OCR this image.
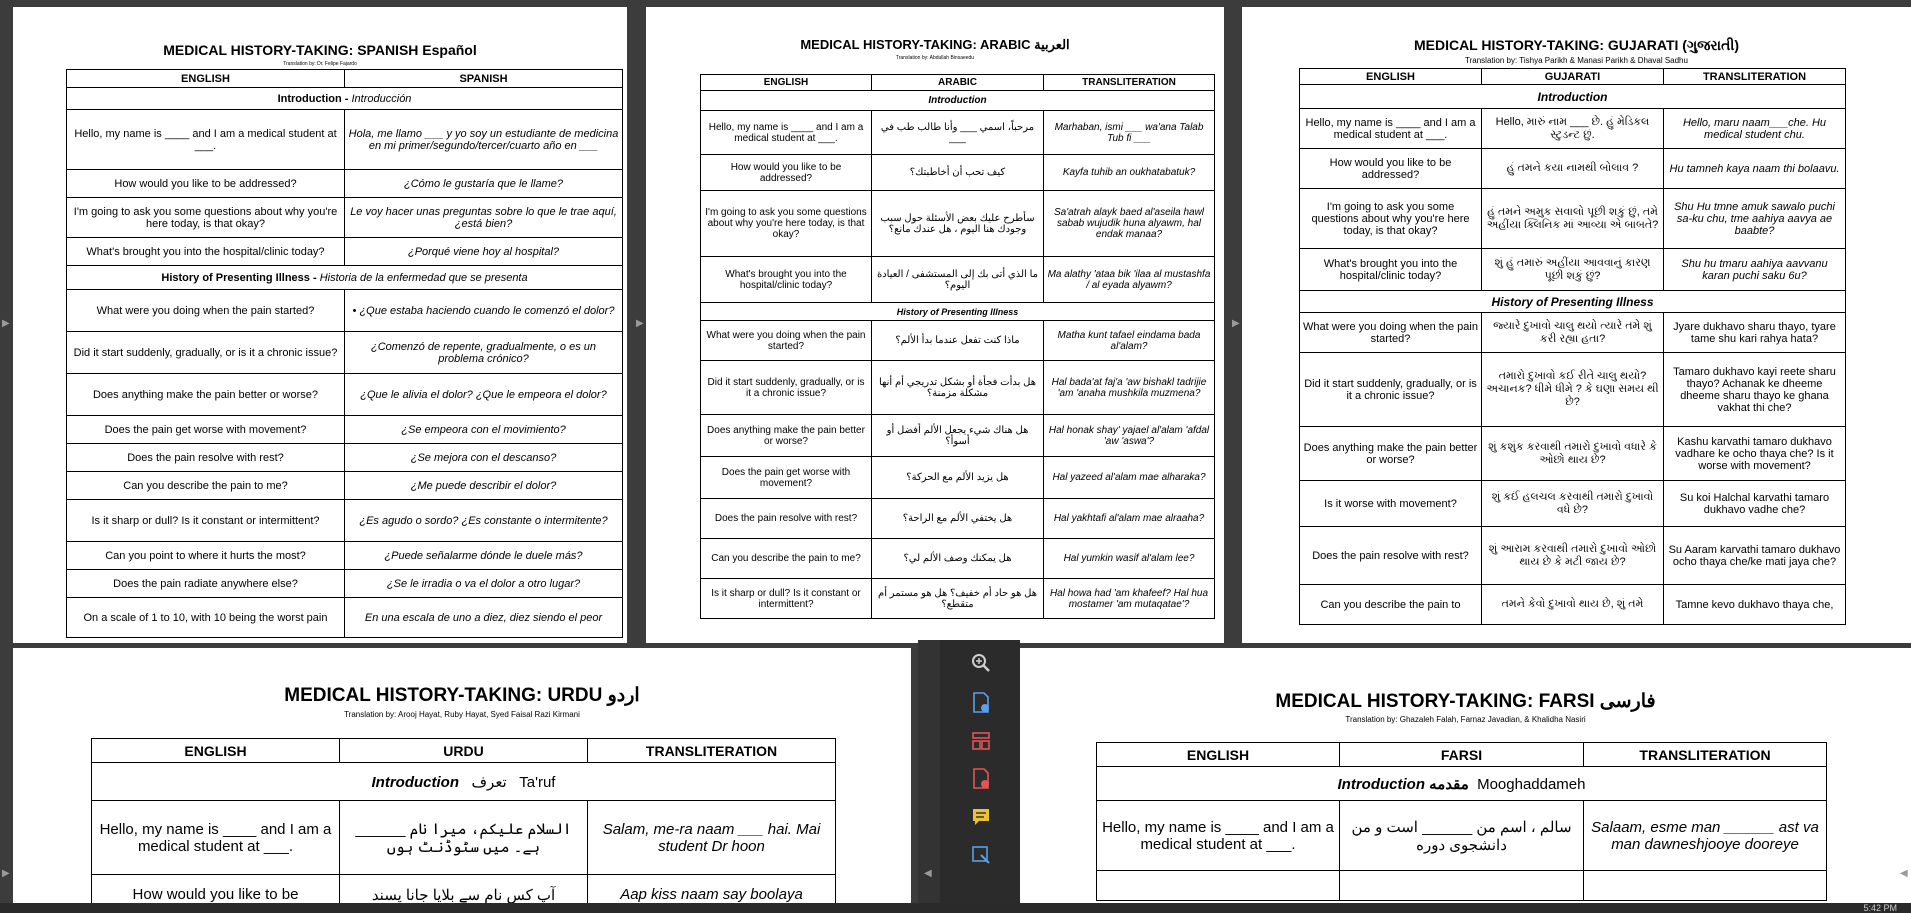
MEDICAL HISTORY-TAKING: SPANISH Español
Translation by: Dr. Felipe Fajardo
ENGLISH	SPANISH
Introduction - Introducción	
Hello, my name is ____ and I am a medical student at ___.	Hola, me llamo ___ y yo soy un estudiante de medicina en mi primer/segundo/tercer/cuarto año en ___
How would you like to be addressed?	¿Cómo le gustaría que le llame?
I'm going to ask you some questions about why you're here today, is that okay?	Le voy hacer unas preguntas sobre lo que le trae aquí, ¿está bien?
What's brought you into the hospital/clinic today?	¿Porqué viene hoy al hospital?
History of Presenting Illness - Historia de la enfermedad que se presenta	
What were you doing when the pain started?	• ¿Que estaba haciendo cuando le comenzó el dolor?
Did it start suddenly, gradually, or is it a chronic issue?	¿Comenzó de repente, gradualmente, o es un problema crónico?
Does anything make the pain better or worse?	¿Que le alivia el dolor? ¿Que le empeora el dolor?
Does the pain get worse with movement?	¿Se empeora con el movimiento?
Does the pain resolve with rest?	¿Se mejora con el descanso?
Can you describe the pain to me?	¿Me puede describir el dolor?
Is it sharp or dull? Is it constant or intermittent?	¿Es agudo o sordo? ¿Es constante o intermitente?
Can you point to where it hurts the most?	¿Puede señalarme dónde le duele más?
Does the pain radiate anywhere else?	¿Se le irradia o va el dolor a otro lugar?
On a scale of 1 to 10, with 10 being the worst pain	En una escala de uno a diez, diez siendo el peor
MEDICAL HISTORY-TAKING: ARABIC العربية
Translation by: Abdullah Binsaeedu
ENGLISH	ARABIC	TRANSLITERATION
Introduction		
Hello, my name is ____ and I am a medical student at ___.	مرحباً، اسمي ___ وأنا طالب طب في ___	Marhaban, ismi ___ wa'ana Talab Tub fi ___
How would you like to be addressed?	كيف تحب أن أخاطبتك؟	Kayfa tuhib an oukhatabatuk?
I'm going to ask you some questions about why you're here today, is that okay?	سأطرح عليك بعض الأسئلة حول سبب وجودك هنا اليوم ، هل عندك مانع؟	Sa'atrah alayk baed al'aseila hawl sabab wujudik huna alyawm, hal endak manaa?
What's brought you into the hospital/clinic today?	ما الذي أتى بك إلى المستشفى / العيادة اليوم؟	Ma alathy 'ataa bik 'ilaa al mustashfa / al eyada alyawm?
History of Presenting Illness		
What were you doing when the pain started?	ماذا كنت تفعل عندما بدأ الألم؟	Matha kunt tafael eindama bada al'alam?
Did it start suddenly, gradually, or is it a chronic issue?	هل بدأت فجأة أو بشكل تدريجي أم أنها مشكلة مزمنة؟	Hal bada'at faj'a 'aw bishakl tadrijie 'am 'anaha mushkila muzmena?
Does anything make the pain better or worse?	هل هناك شيء يجعل الألم أفضل أو أسوأ؟	Hal honak shay' yajael al'alam 'afdal 'aw 'aswa'?
Does the pain get worse with movement?	هل يزيد الألم مع الحركة؟	Hal yazeed al'alam mae alharaka?
Does the pain resolve with rest?	هل يختفي الألم مع الراحة؟	Hal yakhtafi al'alam mae alraaha?
Can you describe the pain to me?	هل يمكنك وصف الألم لي؟	Hal yumkin wasif al'alam lee?
Is it sharp or dull? Is it constant or intermittent?	هل هو حاد أم خفيف؟ هل هو مستمر أم متقطع؟	Hal howa had 'am khafeef? Hal hua mostamer 'am mutaqatae'?
MEDICAL HISTORY-TAKING: GUJARATI (ગુજરાતી)
Translation by: Tishya Parikh & Manasi Parikh & Dhaval Sadhu
ENGLISH	GUJARATI	TRANSLITERATION
Introduction		
Hello, my name is ____ and I am a medical student at ___.	Hello, મારું નામ ___ છે. હું મેડિકલ સ્ટુડન્ટ છું.	Hello, maru naam___che. Hu medical student chu.
How would you like to be addressed?	હું તમને કયા નામથી બોલાવ ?	Hu tamneh kaya naam thi bolaavu.
I'm going to ask you some questions about why you're here today, is that okay?	હું તમને અમુક સવાલો પૂછી શકું છું, તમે અહીંયા ક્લિનિક માં આવ્યા એ બાબતે?	Shu Hu tmne amuk sawalo puchi sa-ku chu, tme aahiya aavya ae baabte?
What's brought you into the hospital/clinic today?	શું હું તમારું અહીંયા આવવાનું કારણ પૂછી શકું છું?	Shu hu tmaru aahiya aavvanu karan puchi saku 6u?
History of Presenting Illness		
What were you doing when the pain started?	જ્યારે દુખાવો ચાલુ થયો ત્યારે તમે શું કરી રહ્યા હતા?	Jyare dukhavo sharu thayo, tyare tame shu kari rahya hata?
Did it start suddenly, gradually, or is it a chronic issue?	તમારો દુખાવો કઈ રીતે ચાલુ થયો? અચાનક? ધીમે ધીમે ? કે ઘણા સમય થી છે?	Tamaro dukhavo kayi reete sharu thayo? Achanak ke dheeme dheeme sharu thayo ke ghana vakhat thi che?
Does anything make the pain better or worse?	શું કશુંક કરવાથી તમારો દુખાવો વધારે કે ઓછો થાય છે?	Kashu karvathi tamaro dukhavo vadhare ke ocho thaya che? Is it worse with movement?
Is it worse with movement?	શું કઈં હલચલ કરવાથી તમારો દુખાવો વધે છે?	Su koi Halchal karvathi tamaro dukhavo vadhe che?
Does the pain resolve with rest?	શું આરામ કરવાથી તમારો દુખાવો ઓછો થાય છે કે મટી જાય છે?	Su Aaram karvathi tamaro dukhavo ocho thaya che/ke mati jaya che?
Can you describe the pain to	તમને કેવો દુખાવો થાય છે, શું તમે	Tamne kevo dukhavo thaya che,
MEDICAL HISTORY-TAKING: URDU اردو
Translation by: Arooj Hayat, Ruby Hayat, Syed Faisal Razi Kirmani
ENGLISH	URDU	TRANSLITERATION
Introduction تعرف Ta'ruf		
Hello, my name is ____ and I am a medical student at ___.	السلام علیکم، میرا نام ______ ہے۔ میں سٹوڈنٹ ہوں	Salam, me-ra naam ___ hai. Mai student Dr hoon
How would you like to be	آپ کس نام سے بلایا جانا پسند	Aap kiss naam say boolaya
◀
MEDICAL HISTORY-TAKING: FARSI فارسی
Translation by: Ghazaleh Falah, Farnaz Javadian, & Khalidha Nasiri
ENGLISH	FARSI	TRANSLITERATION
Introduction مقدمه Mooghaddameh		
Hello, my name is ____ and I am a medical student at ___.	سالم ، اسم من ______ است و من دانشجوی دوره	Salaam, esme man ______ ast va man dawneshjooye dooreye

▶	▶	▶
▶	◀
5:42 PM
